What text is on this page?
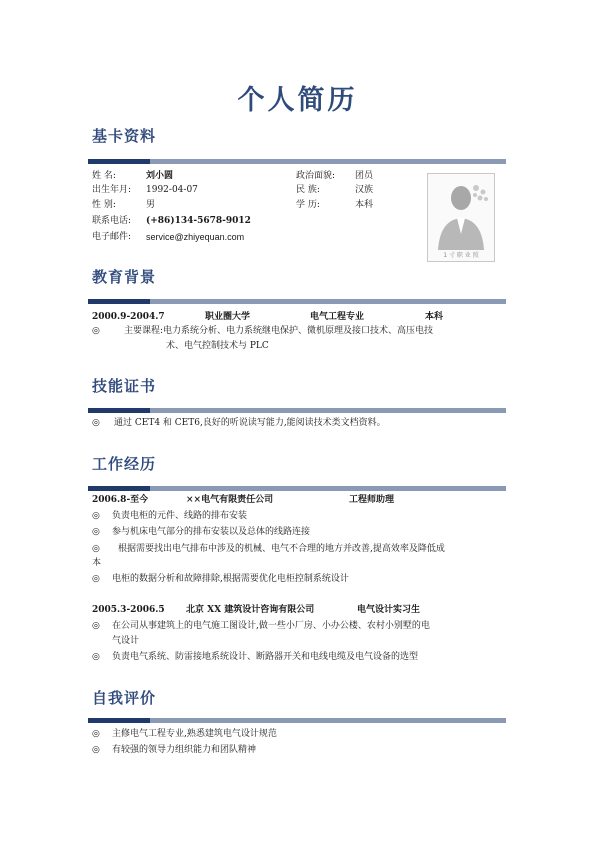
个人简历
基卡资料
姓 名:	刘小圆
出生年月: 1992-04-07
性 别:	男
联系电话: (+86)134-5678-9012
电子邮件: service@zhiyequan.com
政治面貌: 团员
民 族:	汉族
学 历:	本科
1 寸 职 业 照
教育背景
2000.9-2004.7	职业圈大学	电气工程专业	本科
◎	主要课程:电力系统分析、电力系统继电保护、微机原理及接口技术、高压电技
术、电气控制技术与 PLC
技能证书
◎ 通过 CET4 和 CET6,良好的听说读写能力,能阅读技术类文档资料。
工作经历
2006.8-至今	××电气有限责任公司	工程师助理
◎ 负责电柜的元件、线路的排布安装
◎ 参与机床电气部分的排布安装以及总体的线路连接
◎ 根据需要找出电气排布中涉及的机械、电气不合理的地方并改善,提高效率及降低成
本
◎ 电柜的数据分析和故障排除,根据需要优化电柜控制系统设计
2005.3-2006.5 北京 XX 建筑设计咨询有限公司	电气设计实习生
◎ 在公司从事建筑上的电气施工图设计,做一些小厂房、小办公楼、农村小别墅的电
气设计
◎ 负责电气系统、防雷接地系统设计、断路器开关和电线电缆及电气设备的选型
自我评价
◎ 主修电气工程专业,熟悉建筑电气设计规范
◎ 有较强的领导力组织能力和团队精神
